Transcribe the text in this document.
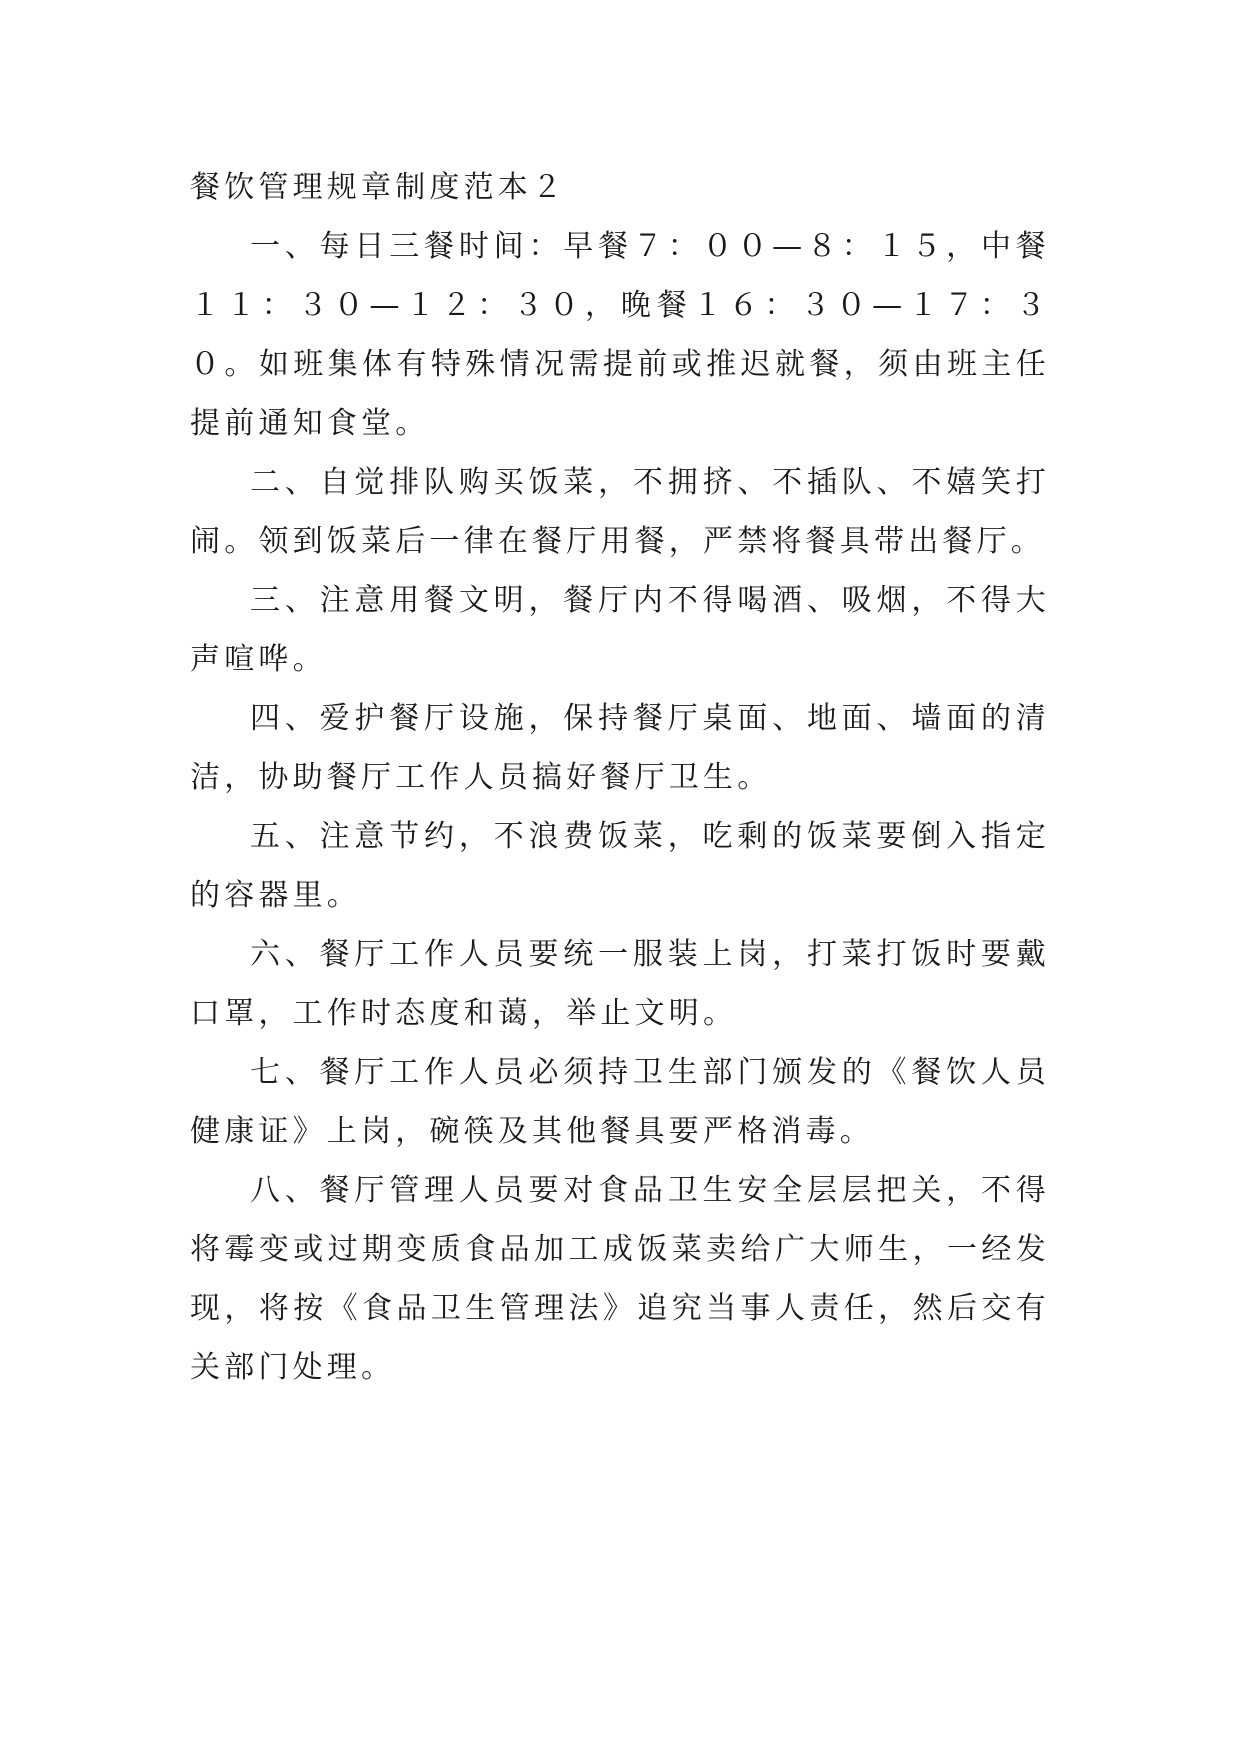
餐饮管理规章制度范本２

一、每日三餐时间：早餐７：００—８：１５，中餐１１：３０—１２：３０，晚餐１６：３０—１７：３０。如班集体有特殊情况需提前或推迟就餐，须由班主任提前通知食堂。

二、自觉排队购买饭菜，不拥挤、不插队、不嬉笑打闹。领到饭菜后一律在餐厅用餐，严禁将餐具带出餐厅。

三、注意用餐文明，餐厅内不得喝酒、吸烟，不得大声喧哗。

四、爱护餐厅设施，保持餐厅桌面、地面、墙面的清洁，协助餐厅工作人员搞好餐厅卫生。

五、注意节约，不浪费饭菜，吃剩的饭菜要倒入指定的容器里。

六、餐厅工作人员要统一服装上岗，打菜打饭时要戴口罩，工作时态度和蔼，举止文明。

七、餐厅工作人员必须持卫生部门颁发的《餐饮人员健康证》上岗，碗筷及其他餐具要严格消毒。

八、餐厅管理人员要对食品卫生安全层层把关，不得将霉变或过期变质食品加工成饭菜卖给广大师生，一经发现，将按《食品卫生管理法》追究当事人责任，然后交有关部门处理。
